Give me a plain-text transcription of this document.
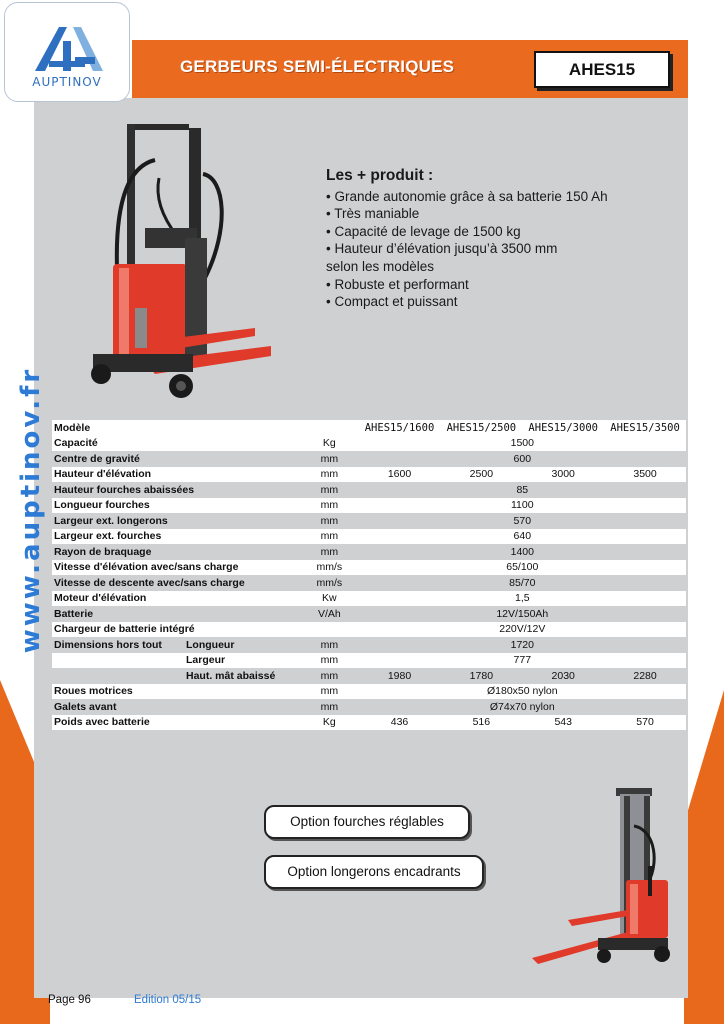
AUPTINOV
GERBEURS SEMI-ÉLECTRIQUES	AHES15
www.auptinov.fr
Les + produit :
• Grande autonomie grâce à sa batterie 150 Ah
• Très maniable
• Capacité de levage de 1500 kg
• Hauteur d’élévation jusqu’à 3500 mm
selon les modèles
• Robuste et performant
• Compact et puissant
Modèle		AHES15/1600	AHES15/2500	AHES15/3000	AHES15/3500
Capacité	Kg	1500			
Centre de gravité	mm	600			
Hauteur d'élévation	mm	1600	2500	3000	3500
Hauteur fourches abaissées	mm	85			
Longueur fourches	mm	1100			
Largeur ext. longerons	mm	570			
Largeur ext. fourches	mm	640			
Rayon de braquage	mm	1400			
Vitesse d'élévation avec/sans charge	mm/s	65/100			
Vitesse de descente avec/sans charge	mm/s	85/70			
Moteur d'élévation	Kw	1,5			
Batterie	V/Ah	12V/150Ah			
Chargeur de batterie intégré		220V/12V			
Dimensions hors tout Longueur	mm	1720			
Largeur	mm	777			
Haut. mât abaissé	mm	1980	1780	2030	2280
Roues motrices	mm	Ø180x50 nylon			
Galets avant	mm	Ø74x70 nylon			
Poids avec batterie	Kg	436	516	543	570
Option fourches réglables
Option longerons encadrants
Page 96	Edition 05/15
